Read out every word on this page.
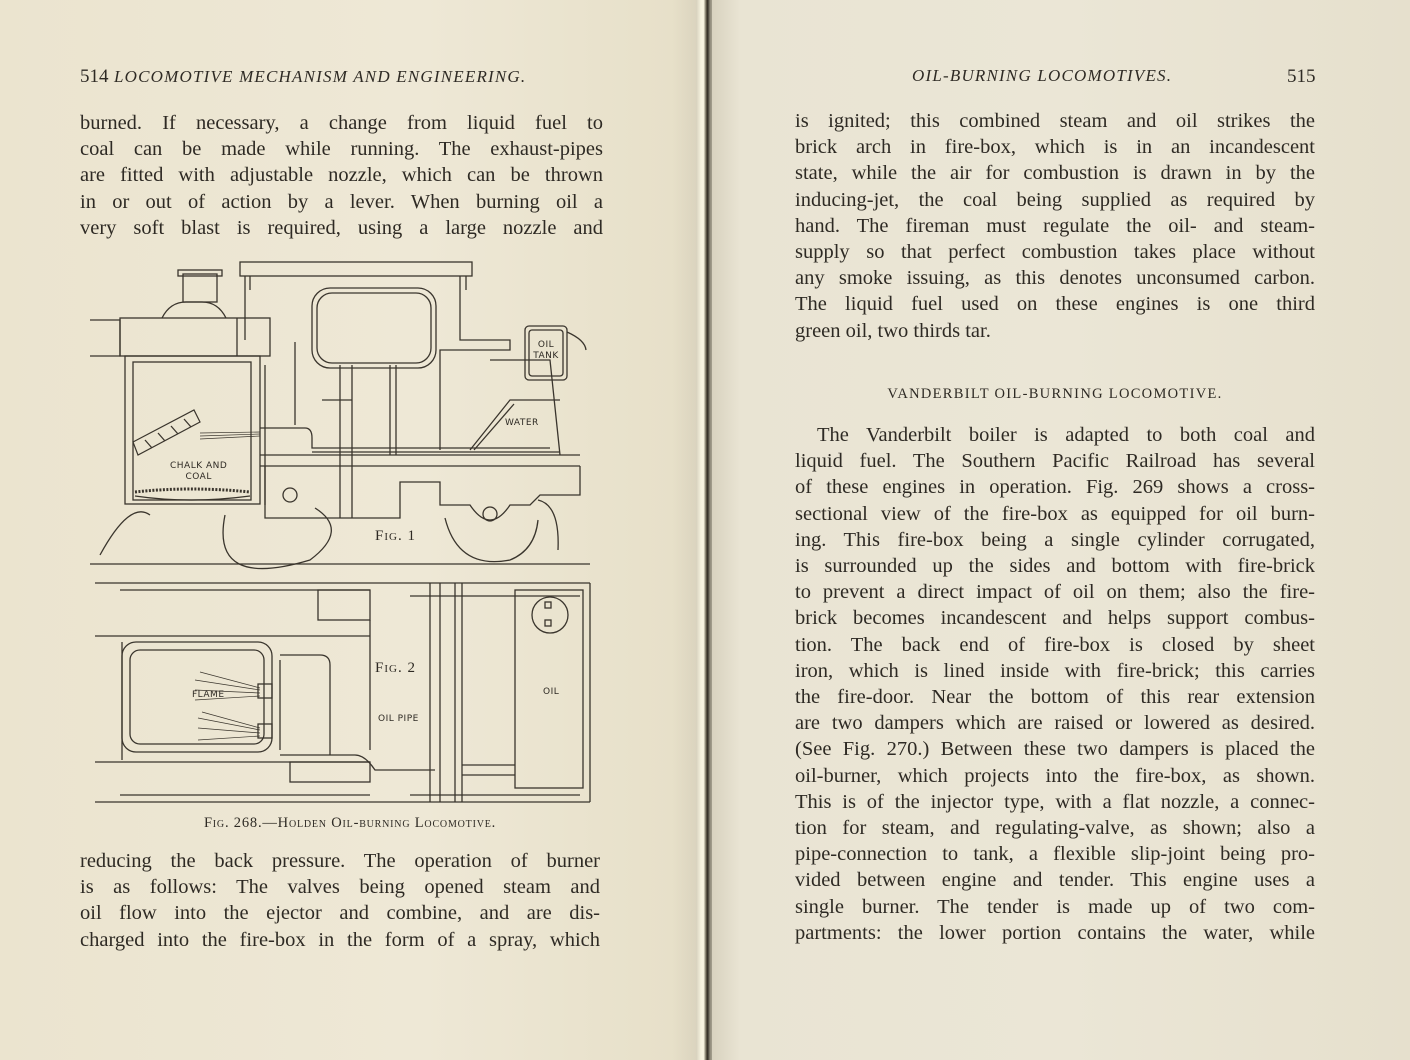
514 LOCOMOTIVE MECHANISM AND ENGINEERING.
burned. If necessary, a change from liquid fuel to
coal can be made while running. The exhaust-pipes
are fitted with adjustable nozzle, which can be thrown
in or out of action by a lever. When burning oil a
very soft blast is required, using a large nozzle and
OIL
TANK
WATER
CHALK AND
COAL
Fig. 1
Fig. 2
FLAME
OIL PIPE
OIL
Fig. 268.—Holden Oil-burning Locomotive.
reducing the back pressure. The operation of burner
is as follows: The valves being opened steam and
oil flow into the ejector and combine, and are dis-
charged into the fire-box in the form of a spray, which
OIL-BURNING LOCOMOTIVES.	515
is ignited; this combined steam and oil strikes the
brick arch in fire-box, which is in an incandescent
state, while the air for combustion is drawn in by the
inducing-jet, the coal being supplied as required by
hand. The fireman must regulate the oil- and steam-
supply so that perfect combustion takes place without
any smoke issuing, as this denotes unconsumed carbon.
The liquid fuel used on these engines is one third
green oil, two thirds tar.
VANDERBILT OIL-BURNING LOCOMOTIVE.
The Vanderbilt boiler is adapted to both coal and
liquid fuel. The Southern Pacific Railroad has several
of these engines in operation. Fig. 269 shows a cross-
sectional view of the fire-box as equipped for oil burn-
ing. This fire-box being a single cylinder corrugated,
is surrounded up the sides and bottom with fire-brick
to prevent a direct impact of oil on them; also the fire-
brick becomes incandescent and helps support combus-
tion. The back end of fire-box is closed by sheet
iron, which is lined inside with fire-brick; this carries
the fire-door. Near the bottom of this rear extension
are two dampers which are raised or lowered as desired.
(See Fig. 270.) Between these two dampers is placed the
oil-burner, which projects into the fire-box, as shown.
This is of the injector type, with a flat nozzle, a connec-
tion for steam, and regulating-valve, as shown; also a
pipe-connection to tank, a flexible slip-joint being pro-
vided between engine and tender. This engine uses a
single burner. The tender is made up of two com-
partments: the lower portion contains the water, while
